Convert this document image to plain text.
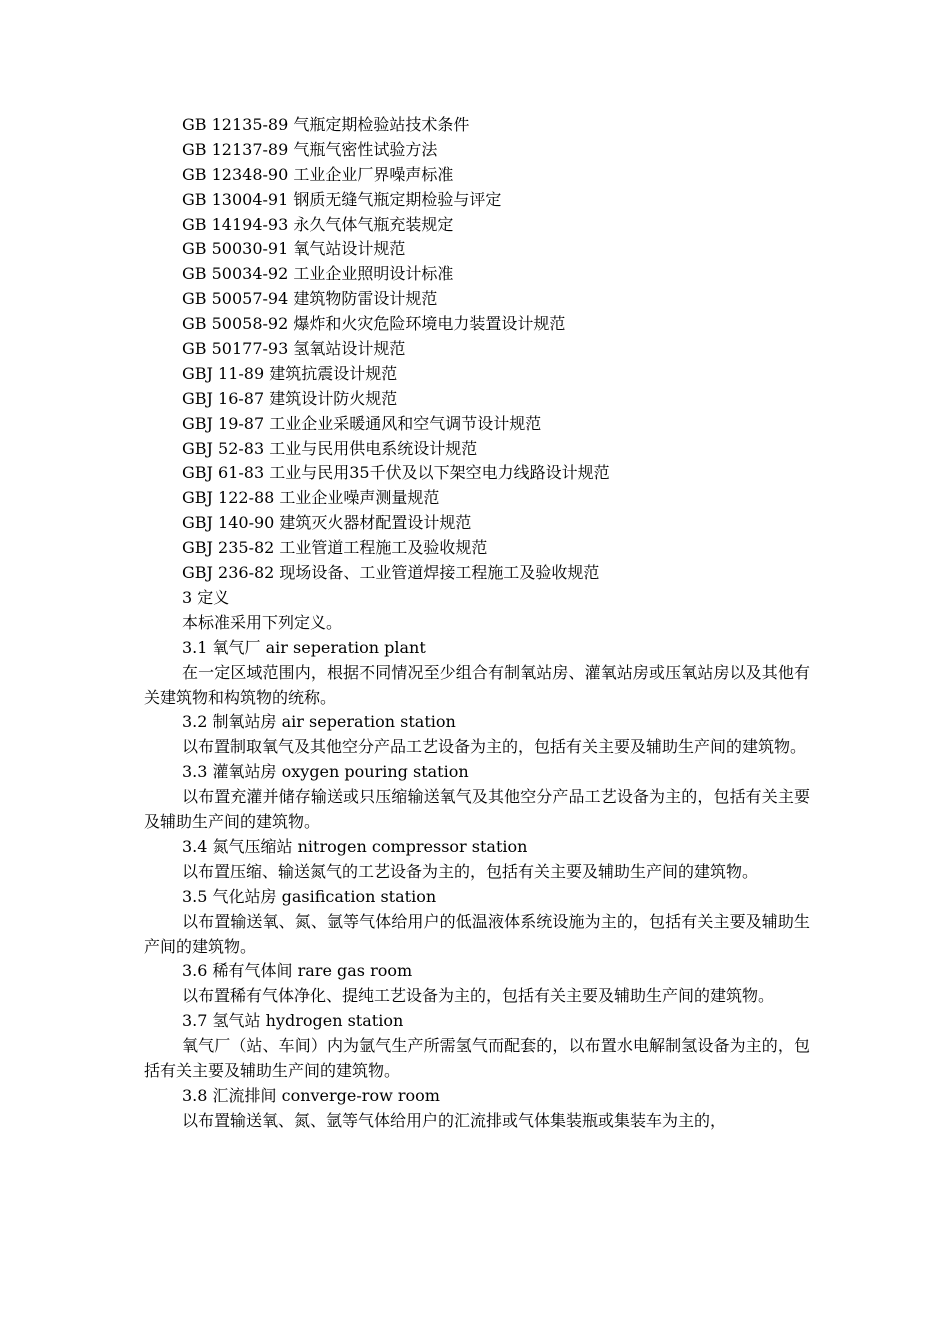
GB 12135-89 气瓶定期检验站技术条件
GB 12137-89 气瓶气密性试验方法
GB 12348-90 工业企业厂界噪声标准
GB 13004-91 钢质无缝气瓶定期检验与评定
GB 14194-93 永久气体气瓶充装规定
GB 50030-91 氧气站设计规范
GB 50034-92 工业企业照明设计标准
GB 50057-94 建筑物防雷设计规范
GB 50058-92 爆炸和火灾危险环境电力装置设计规范
GB 50177-93 氢氧站设计规范
GBJ 11-89 建筑抗震设计规范
GBJ 16-87 建筑设计防火规范
GBJ 19-87 工业企业采暖通风和空气调节设计规范
GBJ 52-83 工业与民用供电系统设计规范
GBJ 61-83 工业与民用35千伏及以下架空电力线路设计规范
GBJ 122-88 工业企业噪声测量规范
GBJ 140-90 建筑灭火器材配置设计规范
GBJ 235-82 工业管道工程施工及验收规范
GBJ 236-82 现场设备、工业管道焊接工程施工及验收规范
3 定义
本标准采用下列定义。
3.1 氧气厂 air seperation plant
在一定区域范围内，根据不同情况至少组合有制氧站房、灌氧站房或压氧站房以及其他有关建筑物和构筑物的统称。
3.2 制氧站房 air seperation station
以布置制取氧气及其他空分产品工艺设备为主的，包括有关主要及辅助生产间的建筑物。
3.3 灌氧站房 oxygen pouring station
以布置充灌并储存输送或只压缩输送氧气及其他空分产品工艺设备为主的，包括有关主要及辅助生产间的建筑物。
3.4 氮气压缩站 nitrogen compressor station
以布置压缩、输送氮气的工艺设备为主的，包括有关主要及辅助生产间的建筑物。
3.5 气化站房 gasification station
以布置输送氧、氮、氩等气体给用户的低温液体系统设施为主的，包括有关主要及辅助生产间的建筑物。
3.6 稀有气体间 rare gas room
以布置稀有气体净化、提纯工艺设备为主的，包括有关主要及辅助生产间的建筑物。
3.7 氢气站 hydrogen station
氧气厂（站、车间）内为氩气生产所需氢气而配套的，以布置水电解制氢设备为主的，包括有关主要及辅助生产间的建筑物。
3.8 汇流排间 converge-row room
以布置输送氧、氮、氩等气体给用户的汇流排或气体集装瓶或集装车为主的，
